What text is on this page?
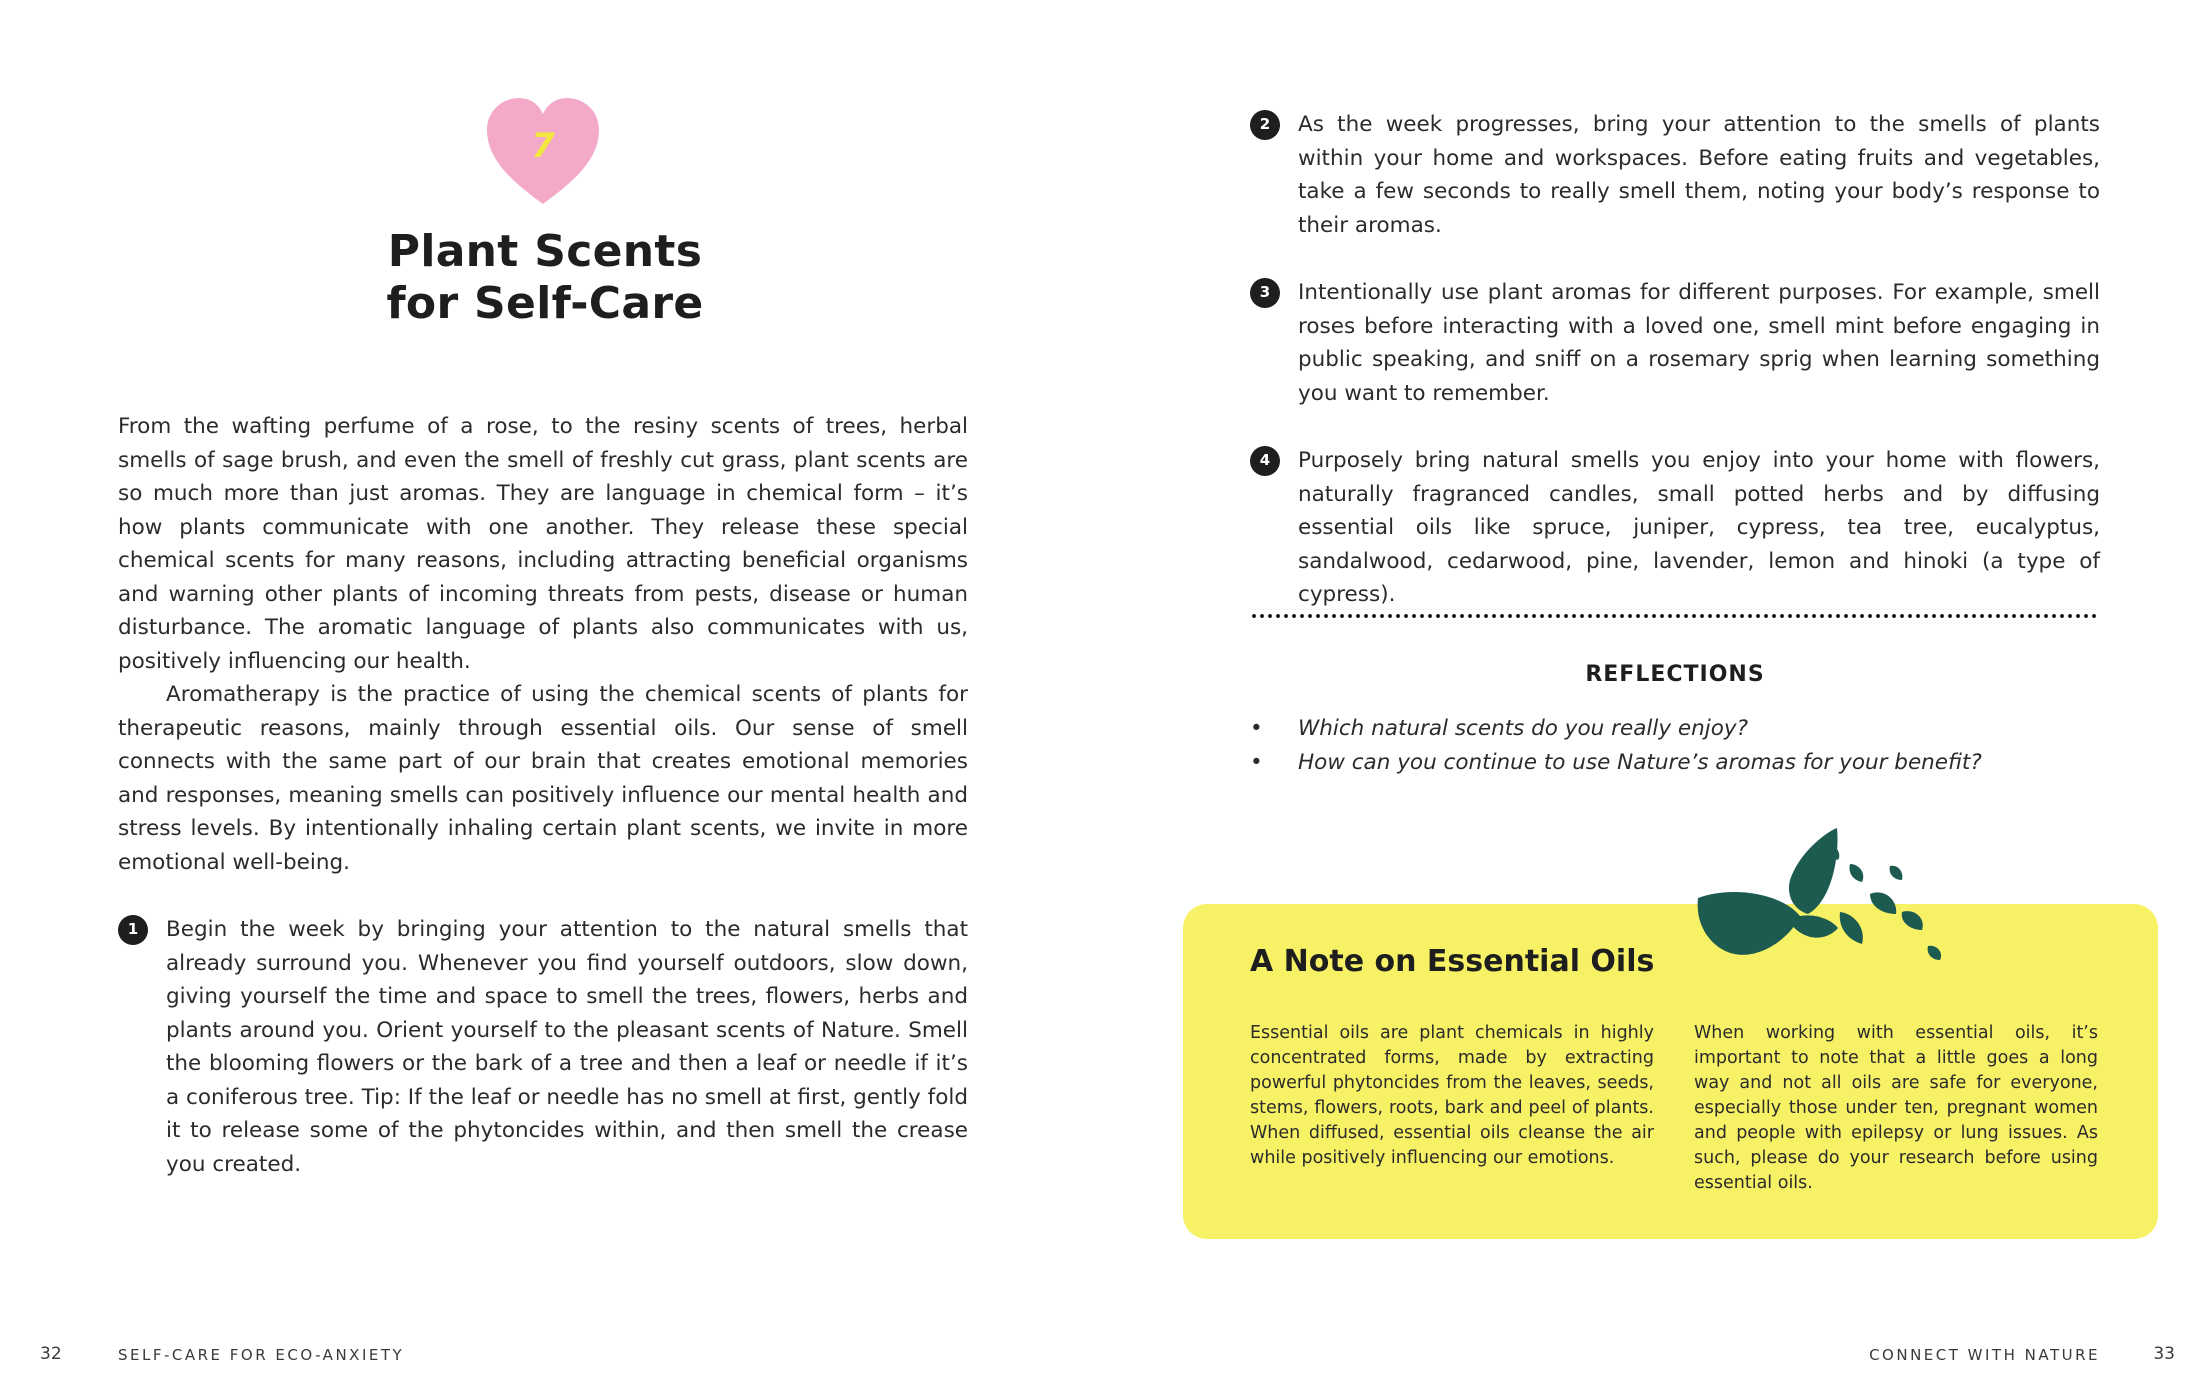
7
Plant Scents
for Self-Care

From the wafting perfume of a rose, to the resiny scents of trees, herbal smells of sage brush, and even the smell of freshly cut grass, plant scents are so much more than just aromas. They are language in chemical form – it’s how plants communicate with one another. They release these special chemical scents for many reasons, including attracting beneficial organisms and warning other plants of incoming threats from pests, disease or human disturbance. The aromatic language of plants also communicates with us, positively influencing our health.

Aromatherapy is the practice of using the chemical scents of plants for therapeutic reasons, mainly through essential oils. Our sense of smell connects with the same part of our brain that creates emotional memories and responses, meaning smells can positively influence our mental health and stress levels. By intentionally inhaling certain plant scents, we invite in more emotional well-being.

1	Begin the week by bringing your attention to the natural smells that already surround you. Whenever you find yourself outdoors, slow down, giving yourself the time and space to smell the trees, flowers, herbs and plants around you. Orient yourself to the pleasant scents of Nature. Smell the blooming flowers or the bark of a tree and then a leaf or needle if it’s a coniferous tree. Tip: If the leaf or needle has no smell at first, gently fold it to release some of the phytoncides within, and then smell the crease you created.
2	As the week progresses, bring your attention to the smells of plants within your home and workspaces. Before eating fruits and vegetables, take a few seconds to really smell them, noting your body’s response to their aromas.
3	Intentionally use plant aromas for different purposes. For example, smell roses before interacting with a loved one, smell mint before engaging in public speaking, and sniff on a rosemary sprig when learning something you want to remember.
4	Purposely bring natural smells you enjoy into your home with flowers, naturally fragranced candles, small potted herbs and by diffusing essential oils like spruce, juniper, cypress, tea tree, eucalyptus, sandalwood, cedarwood, pine, lavender, lemon and hinoki (a type of cypress).
REFLECTIONS
•	Which natural scents do you really enjoy?
•	How can you continue to use Nature’s aromas for your benefit?
A Note on Essential Oils
Essential oils are plant chemicals in highly concentrated forms, made by extracting powerful phytoncides from the leaves, seeds, stems, flowers, roots, bark and peel of plants. When diffused, essential oils cleanse the air while positively influencing our emotions.
When working with essential oils, it’s important to note that a little goes a long way and not all oils are safe for everyone, especially those under ten, pregnant women and people with epilepsy or lung issues. As such, please do your research before using essential oils.
32	SELF-CARE FOR ECO-ANXIETY	CONNECT WITH NATURE	33
